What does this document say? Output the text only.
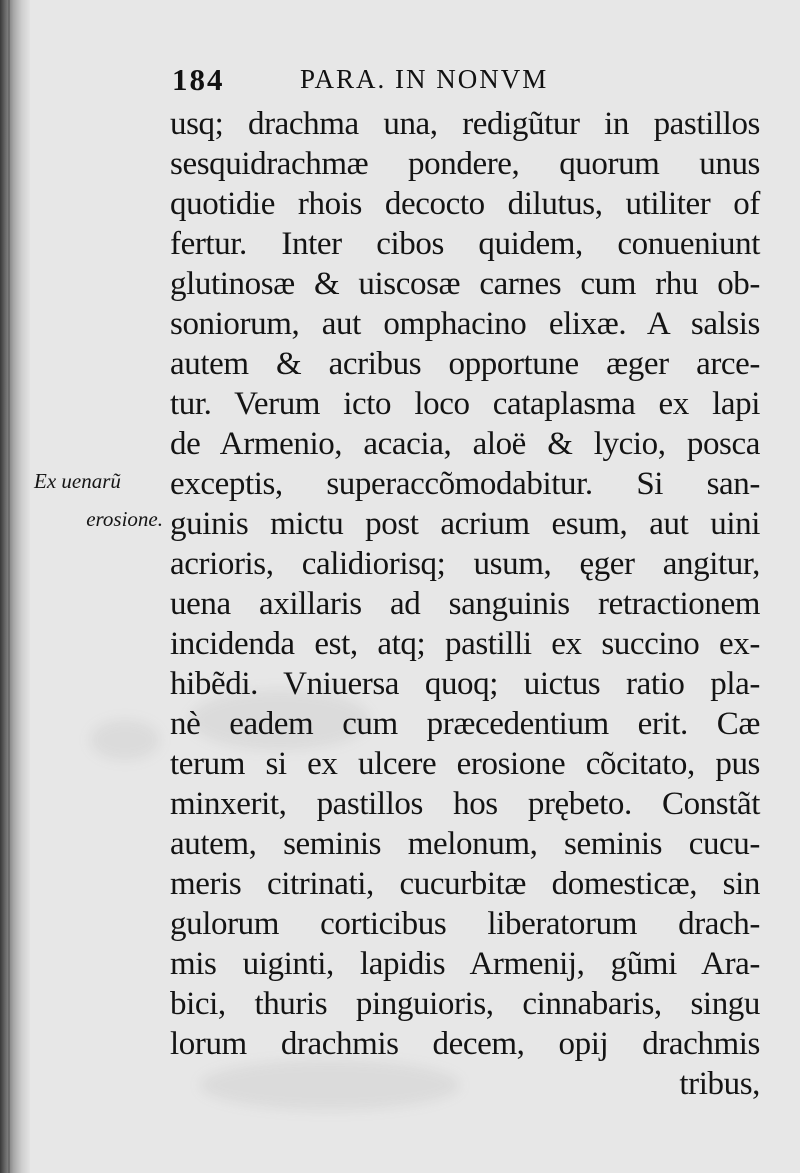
184	PARA. IN NONVM
Ex uenarũ
erosione.
usq; drachma una, redigũtur in pastillos
sesquidrachmæ pondere, quorum unus
quotidie rhois decocto dilutus, utiliter of
fertur. Inter cibos quidem, conueniunt
glutinosæ & uiscosæ carnes cum rhu ob-
soniorum, aut omphacino elixæ. A salsis
autem & acribus opportune æger arce-
tur. Verum icto loco cataplasma ex lapi
de Armenio, acacia, aloë & lycio, posca
exceptis, superaccõmodabitur. Si san-
guinis mictu post acrium esum, aut uini
acrioris, calidiorisq; usum, ęger angitur,
uena axillaris ad sanguinis retractionem
incidenda est, atq; pastilli ex succino ex-
hibẽdi. Vniuersa quoq; uictus ratio pla-
nè eadem cum præcedentium erit. Cæ
terum si ex ulcere erosione cõcitato, pus
minxerit, pastillos hos prębeto. Constãt
autem, seminis melonum, seminis cucu-
meris citrinati, cucurbitæ domesticæ, sin
gulorum corticibus liberatorum drach-
mis uiginti, lapidis Armenij, gũmi Ara-
bici, thuris pinguioris, cinnabaris, singu
lorum drachmis decem, opij drachmis
tribus,
